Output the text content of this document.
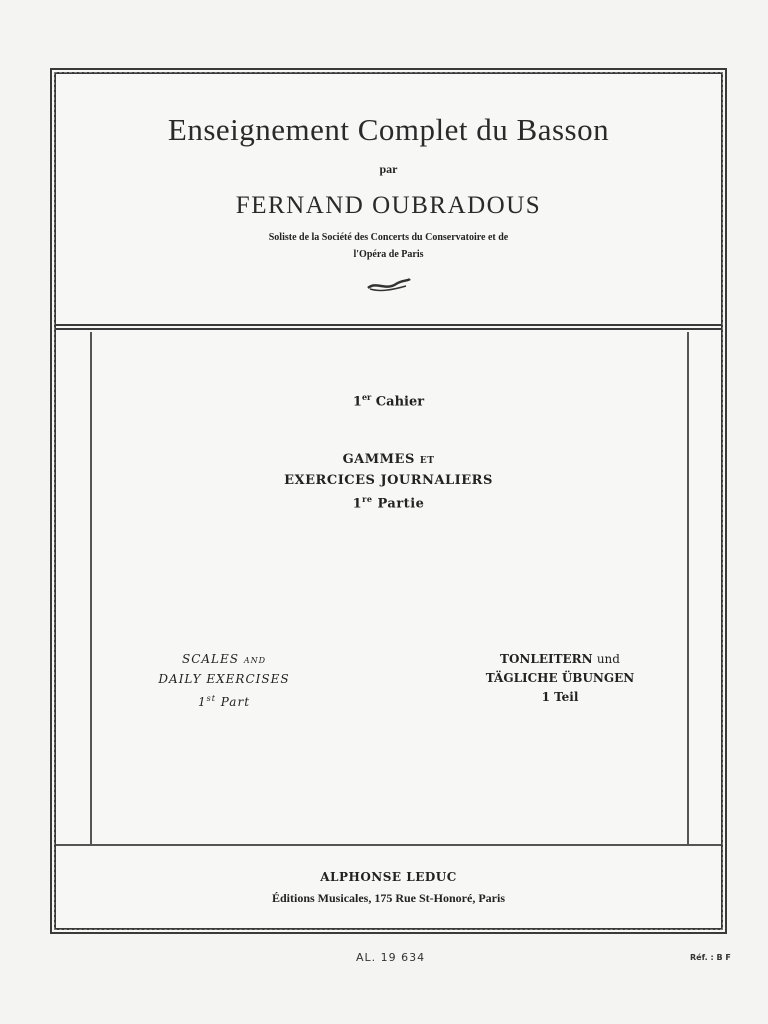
Enseignement Complet du Basson
par
FERNAND OUBRADOUS
Soliste de la Société des Concerts du Conservatoire et de
l'Opéra de Paris
1er Cahier
GAMMES ET
EXERCICES JOURNALIERS
1re Partie
SCALES AND
DAILY EXERCISES
1st Part
TONLEITERN und
TÄGLICHE ÜBUNGEN
1 Teil
ALPHONSE LEDUC
Éditions Musicales, 175 Rue St-Honoré, Paris
AL. 19 634	Réf. : B F
